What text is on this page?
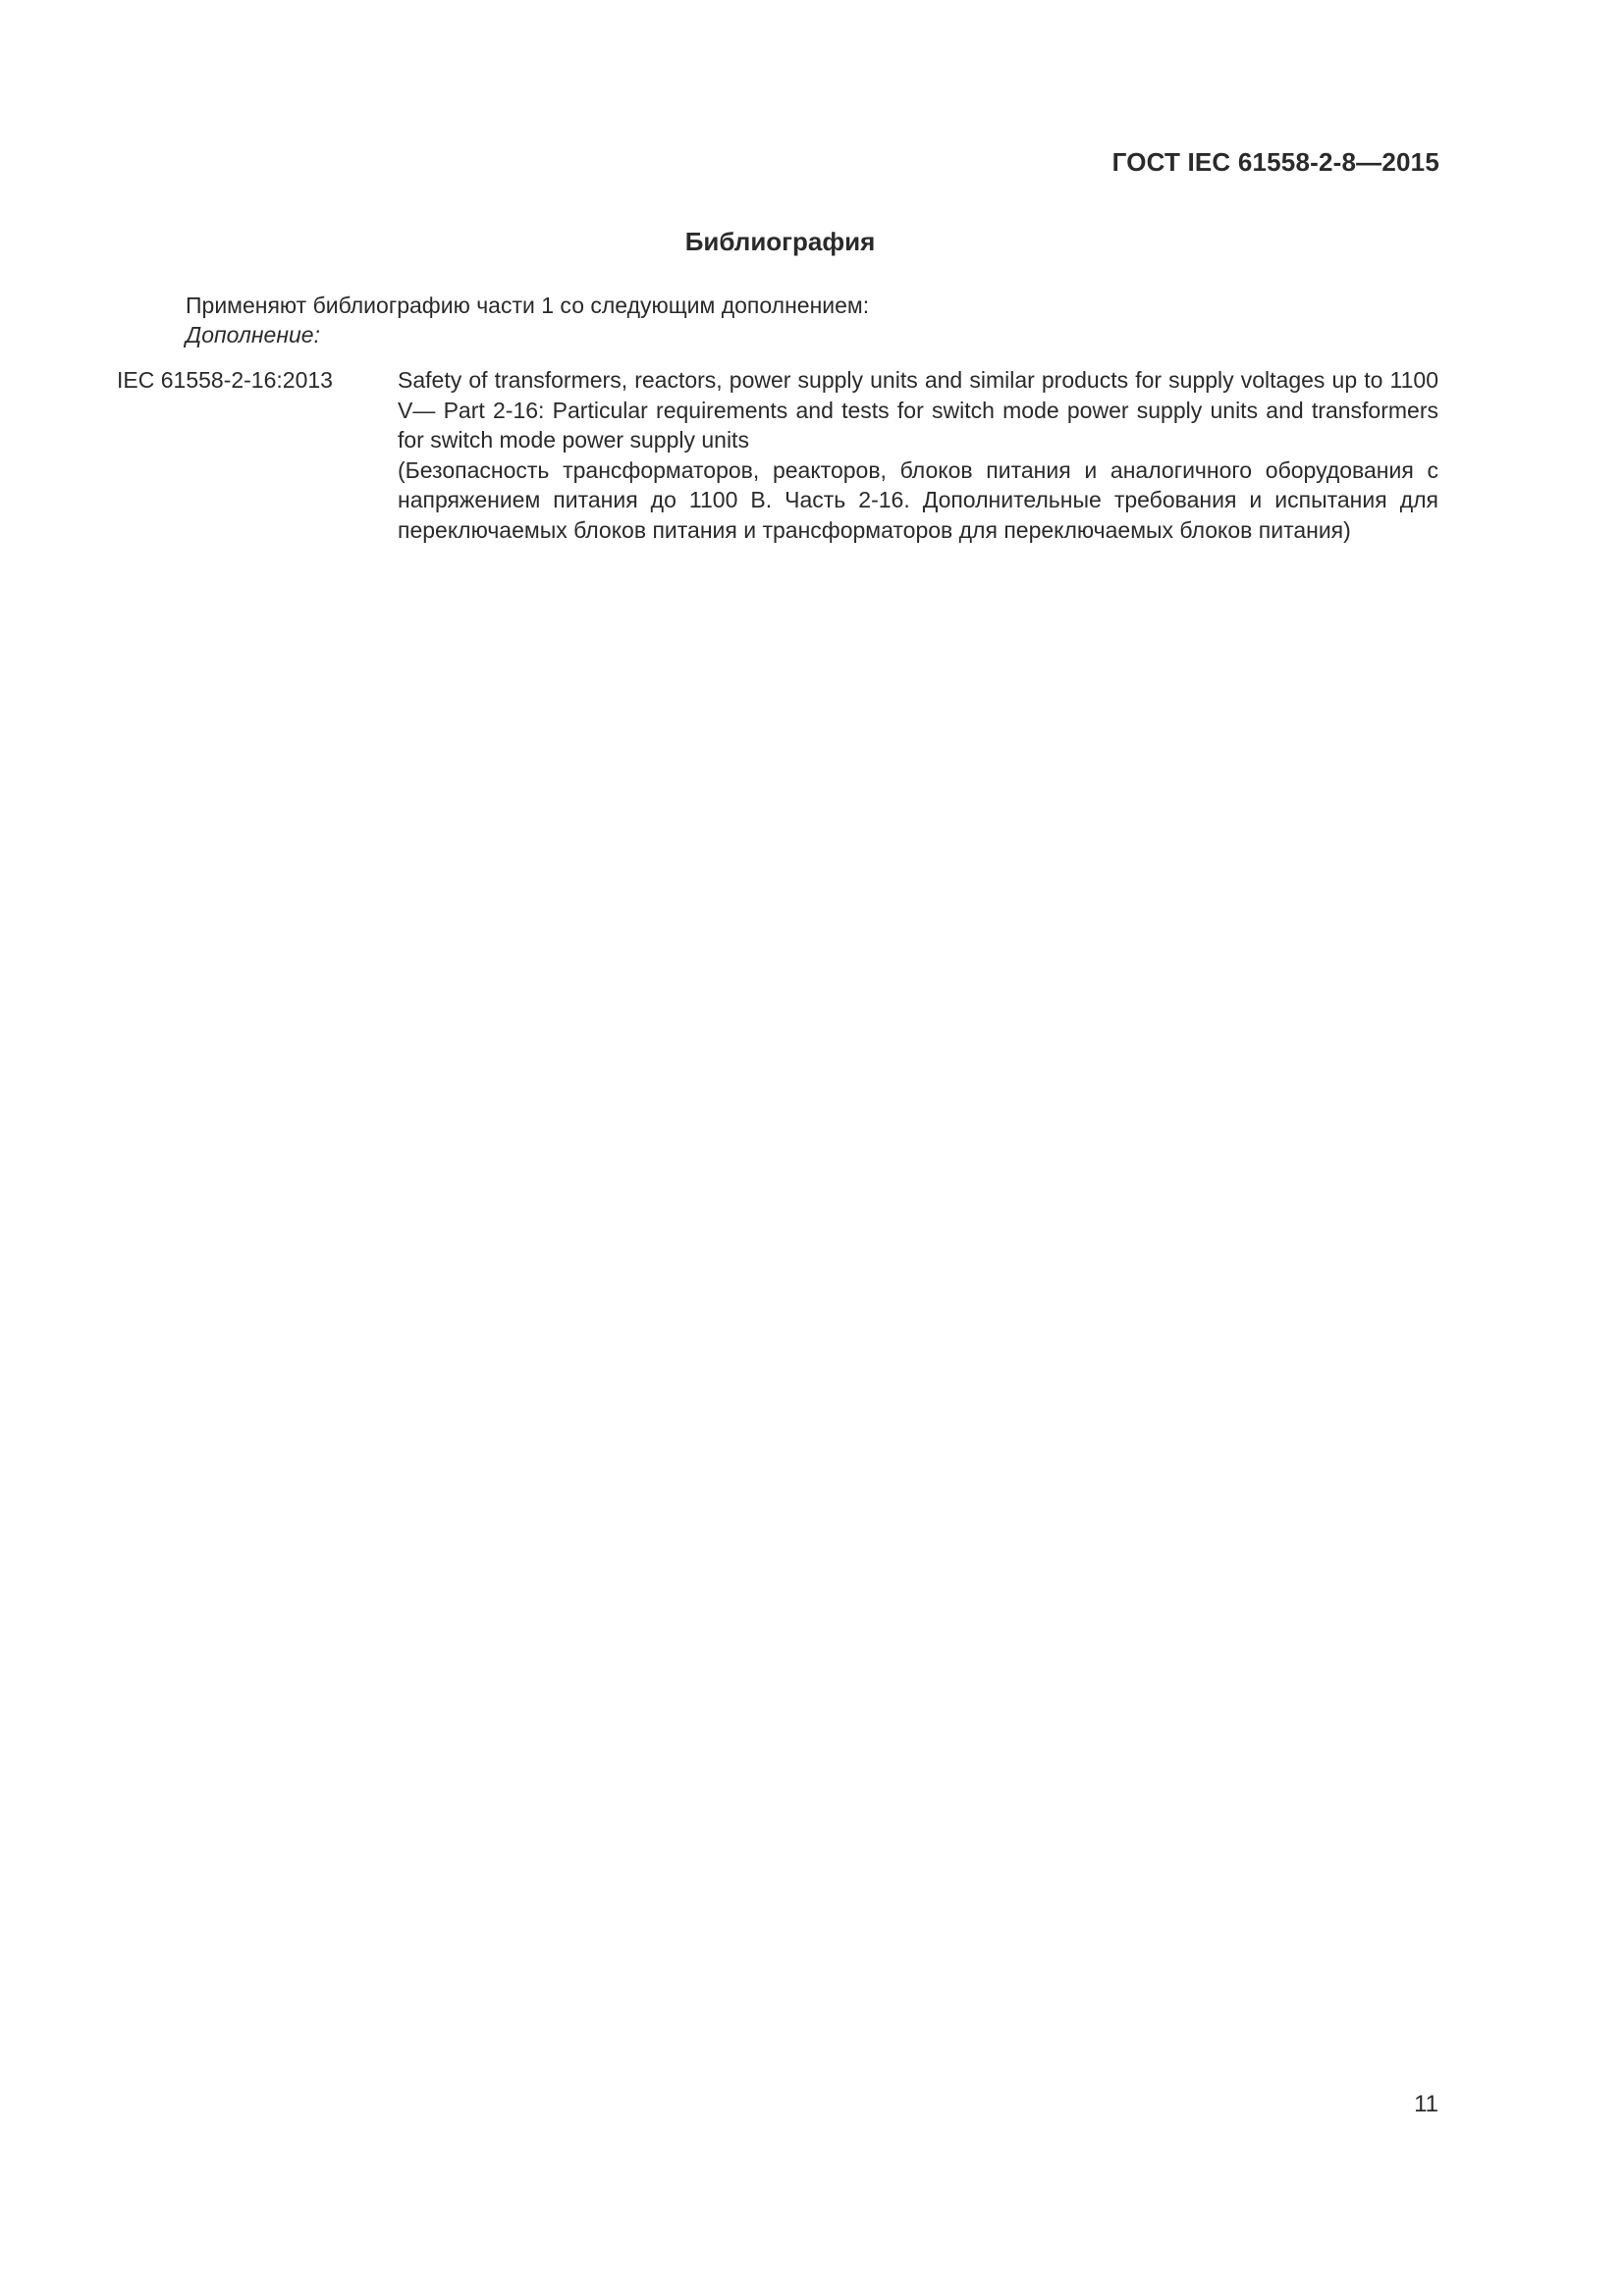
ГОСТ IEC 61558-2-8—2015
Библиография
Применяют библиографию части 1 со следующим дополнением:
Дополнение:
IEC 61558-2-16:2013	Safety of transformers, reactors, power supply units and similar products for supply voltages up to 1100 V— Part 2-16: Particular requirements and tests for switch mode power supply units and transformers for switch mode power supply units
(Безопасность трансформаторов, реакторов, блоков питания и аналогичного оборудования с напряжением питания до 1100 В. Часть 2-16. Дополнительные требования и испытания для переключаемых блоков питания и трансформаторов для переключаемых блоков питания)
11
